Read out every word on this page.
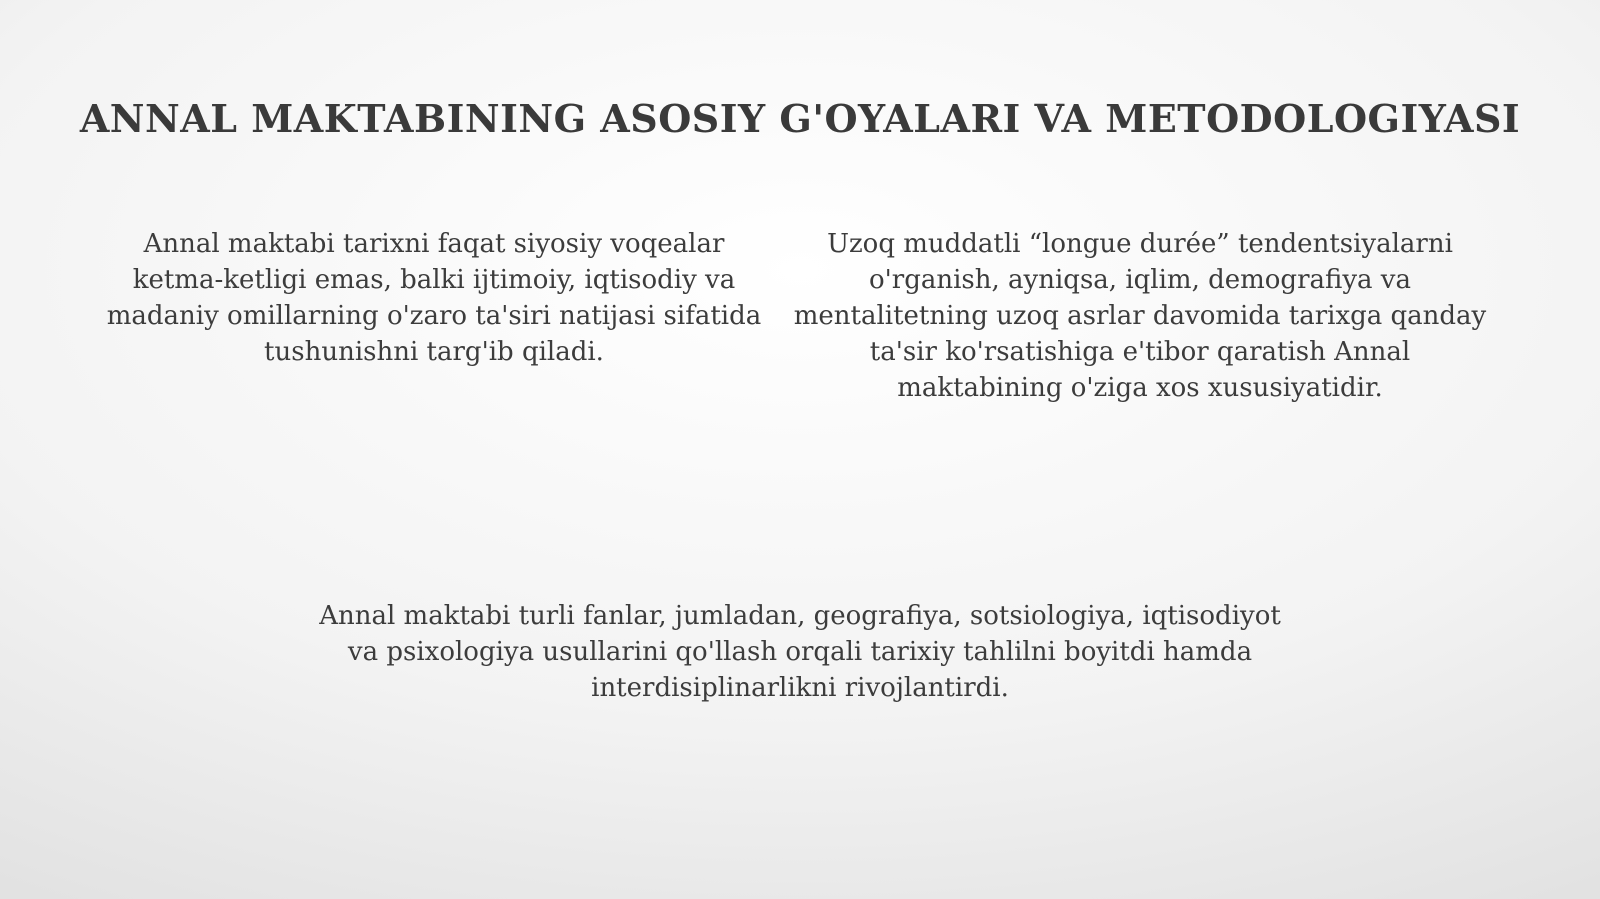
ANNAL MAKTABINING ASOSIY G'OYALARI VA METODOLOGIYASI

Annal maktabi tarixni faqat siyosiy voqealar ketma-ketligi emas, balki ijtimoiy, iqtisodiy va madaniy omillarning o'zaro ta'siri natijasi sifatida tushunishni targ'ib qiladi.

Uzoq muddatli “longue durée” tendentsiyalarni o'rganish, ayniqsa, iqlim, demografiya va mentalitetning uzoq asrlar davomida tarixga qanday ta'sir ko'rsatishiga e'tibor qaratish Annal maktabining o'ziga xos xususiyatidir.

Annal maktabi turli fanlar, jumladan, geografiya, sotsiologiya, iqtisodiyot va psixologiya usullarini qo'llash orqali tarixiy tahlilni boyitdi hamda interdisiplinarlikni rivojlantirdi.
